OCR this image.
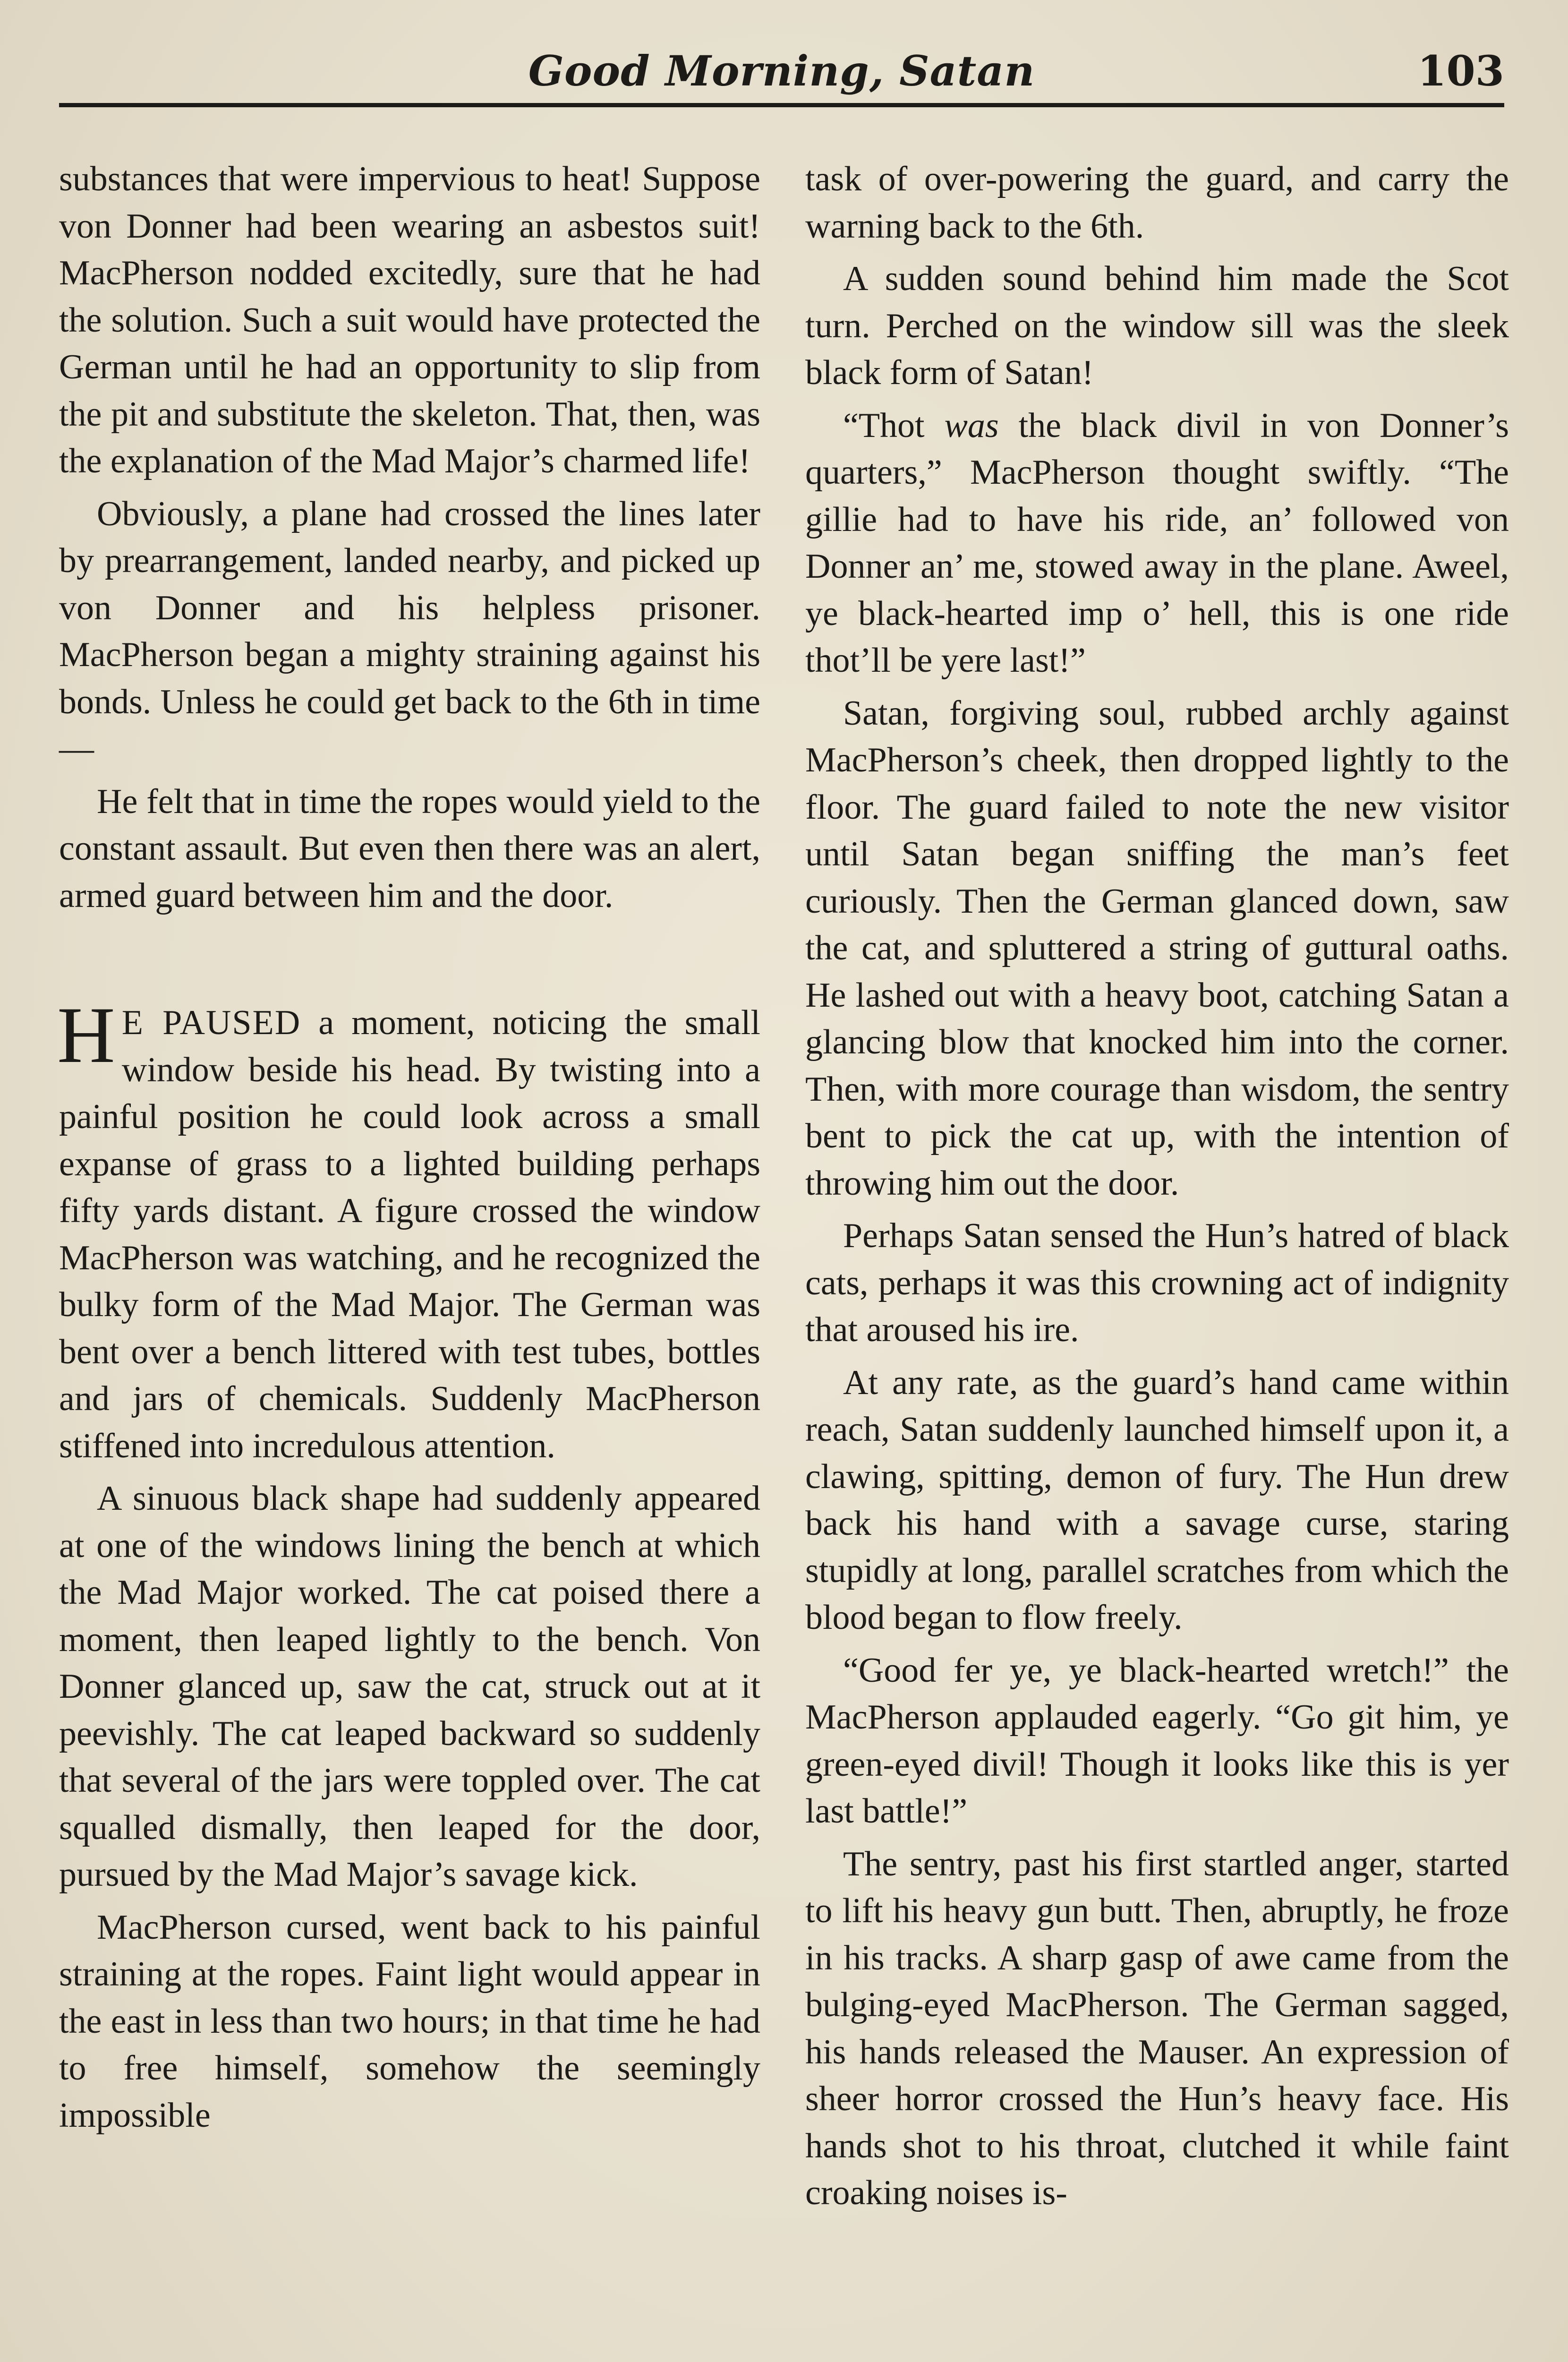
Good Morning, Satan	103

substances that were impervious to heat! Suppose von Donner had been wearing an asbestos suit! MacPherson nodded excitedly, sure that he had the solution. Such a suit would have protected the German until he had an opportunity to slip from the pit and substitute the skeleton. That, then, was the explanation of the Mad Major’s charmed life!

Obviously, a plane had crossed the lines later by prearrangement, landed nearby, and picked up von Donner and his helpless prisoner. MacPherson began a mighty straining against his bonds. Unless he could get back to the 6th in time—

He felt that in time the ropes would yield to the constant assault. But even then there was an alert, armed guard between him and the door.

H E PAUSED a moment, noticing the small window beside his head. By twisting into a painful position he could look across a small expanse of grass to a lighted building perhaps fifty yards distant. A figure crossed the window MacPherson was watching, and he recognized the bulky form of the Mad Major. The German was bent over a bench littered with test tubes, bottles and jars of chemicals. Suddenly MacPherson stiffened into incredulous attention.

A sinuous black shape had suddenly appeared at one of the windows lining the bench at which the Mad Major worked. The cat poised there a moment, then leaped lightly to the bench. Von Donner glanced up, saw the cat, struck out at it peevishly. The cat leaped backward so suddenly that several of the jars were toppled over. The cat squalled dismally, then leaped for the door, pursued by the Mad Major’s savage kick.

MacPherson cursed, went back to his painful straining at the ropes. Faint light would appear in the east in less than two hours; in that time he had to free himself, somehow the seemingly impossible

task of over-powering the guard, and carry the warning back to the 6th.

A sudden sound behind him made the Scot turn. Perched on the window sill was the sleek black form of Satan!

“Thot was the black divil in von Donner’s quarters,” MacPherson thought swiftly. “The gillie had to have his ride, an’ followed von Donner an’ me, stowed away in the plane. Aweel, ye black-hearted imp o’ hell, this is one ride thot’ll be yere last!”

Satan, forgiving soul, rubbed archly against MacPherson’s cheek, then dropped lightly to the floor. The guard failed to note the new visitor until Satan began sniffing the man’s feet curiously. Then the German glanced down, saw the cat, and spluttered a string of guttural oaths. He lashed out with a heavy boot, catching Satan a glancing blow that knocked him into the corner. Then, with more courage than wisdom, the sentry bent to pick the cat up, with the intention of throwing him out the door.

Perhaps Satan sensed the Hun’s hatred of black cats, perhaps it was this crowning act of indignity that aroused his ire.

At any rate, as the guard’s hand came within reach, Satan suddenly launched himself upon it, a clawing, spitting, demon of fury. The Hun drew back his hand with a savage curse, staring stupidly at long, parallel scratches from which the blood began to flow freely.

“Good fer ye, ye black-hearted wretch!” the MacPherson applauded eagerly. “Go git him, ye green-eyed divil! Though it looks like this is yer last battle!”

The sentry, past his first startled anger, started to lift his heavy gun butt. Then, abruptly, he froze in his tracks. A sharp gasp of awe came from the bulging-eyed MacPherson. The German sagged, his hands released the Mauser. An expression of sheer horror crossed the Hun’s heavy face. His hands shot to his throat, clutched it while faint croaking noises is-
